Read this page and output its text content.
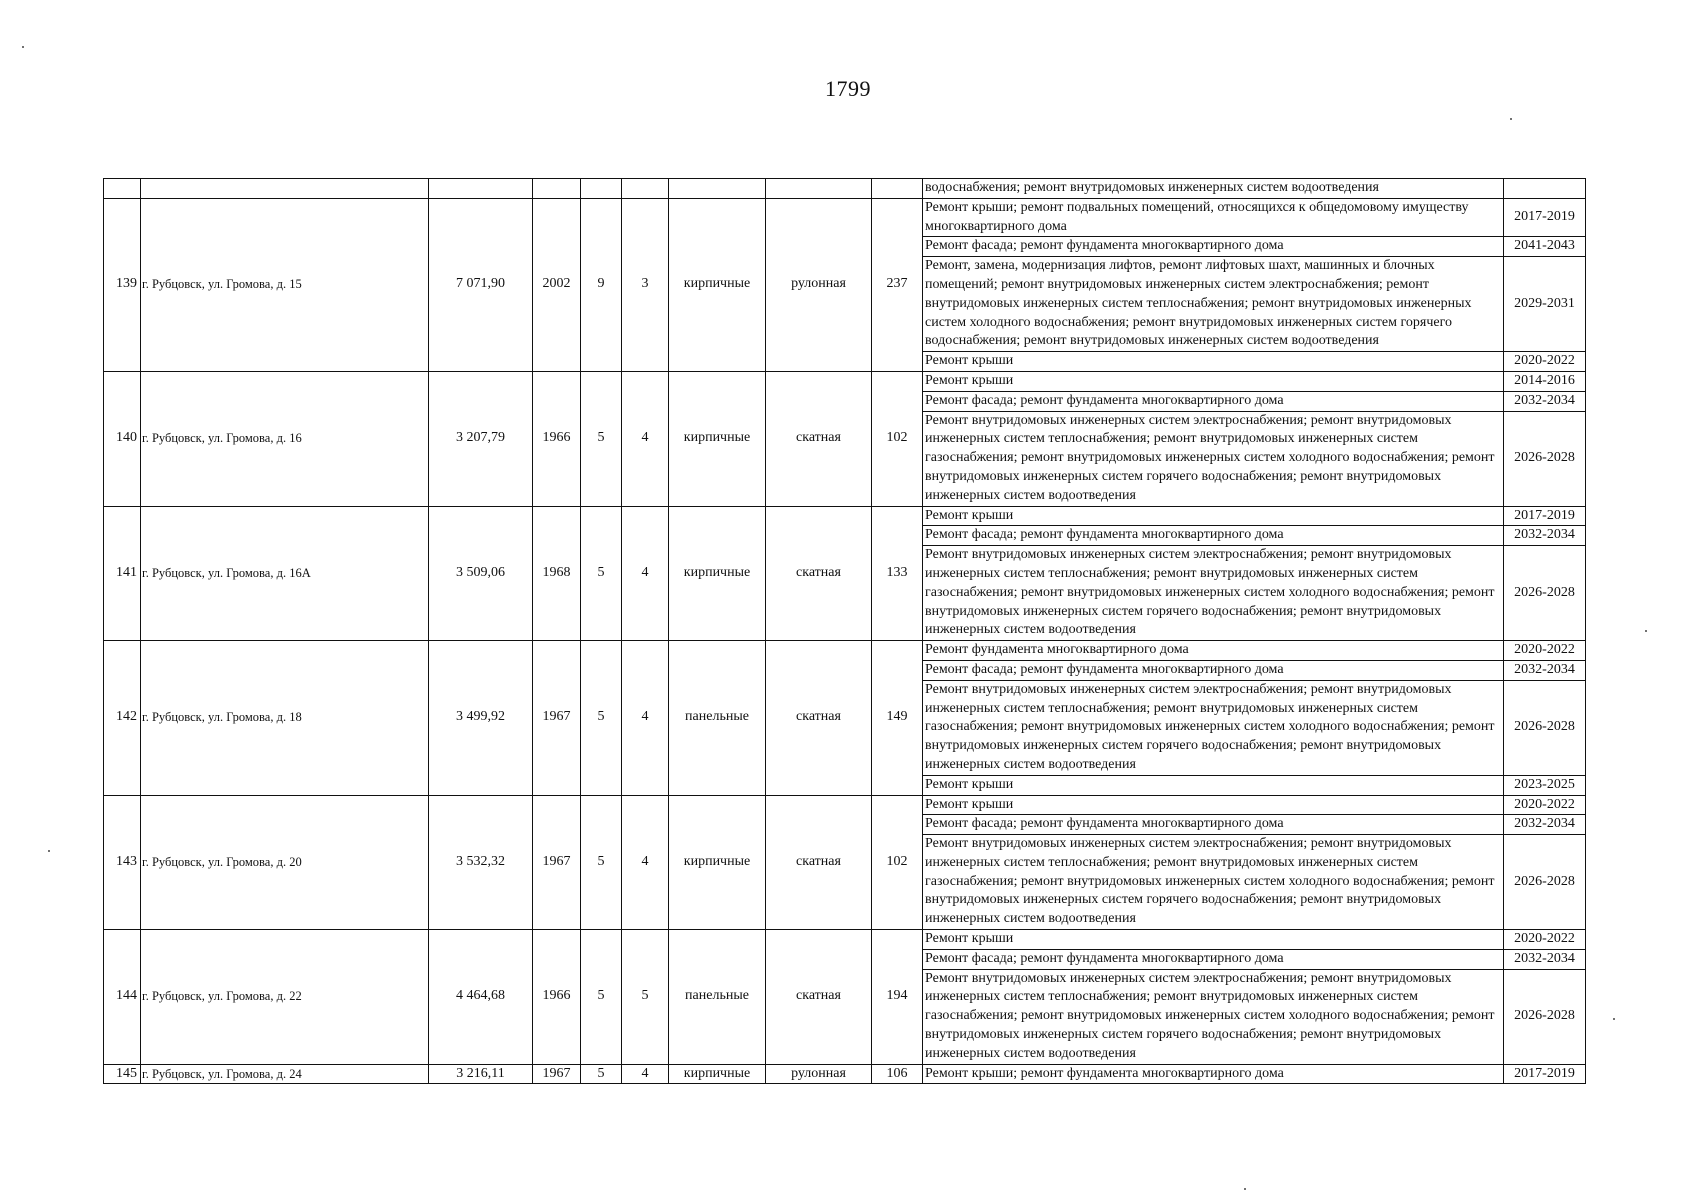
1799
									водоснабжения; ремонт внутридомовых инженерных систем водоотведения	
139	г. Рубцовск, ул. Громова, д. 15	7 071,90	2002	9	3	кирпичные	рулонная	237	Ремонт крыши; ремонт подвальных помещений, относящихся к общедомовому имуществу многоквартирного дома	2017-2019
									Ремонт фасада; ремонт фундамента многоквартирного дома	2041-2043
									Ремонт, замена, модернизация лифтов, ремонт лифтовых шахт, машинных и блочных помещений; ремонт внутридомовых инженерных систем электроснабжения; ремонт внутридомовых инженерных систем теплоснабжения; ремонт внутридомовых инженерных систем холодного водоснабжения; ремонт внутридомовых инженерных систем горячего водоснабжения; ремонт внутридомовых инженерных систем водоотведения	2029-2031
									Ремонт крыши	2020-2022
140	г. Рубцовск, ул. Громова, д. 16	3 207,79	1966	5	4	кирпичные	скатная	102	Ремонт крыши	2014-2016
									Ремонт фасада; ремонт фундамента многоквартирного дома	2032-2034
									Ремонт внутридомовых инженерных систем электроснабжения; ремонт внутридомовых инженерных систем теплоснабжения; ремонт внутридомовых инженерных систем газоснабжения; ремонт внутридомовых инженерных систем холодного водоснабжения; ремонт внутридомовых инженерных систем горячего водоснабжения; ремонт внутридомовых инженерных систем водоотведения	2026-2028
141	г. Рубцовск, ул. Громова, д. 16А	3 509,06	1968	5	4	кирпичные	скатная	133	Ремонт крыши	2017-2019
									Ремонт фасада; ремонт фундамента многоквартирного дома	2032-2034
									Ремонт внутридомовых инженерных систем электроснабжения; ремонт внутридомовых инженерных систем теплоснабжения; ремонт внутридомовых инженерных систем газоснабжения; ремонт внутридомовых инженерных систем холодного водоснабжения; ремонт внутридомовых инженерных систем горячего водоснабжения; ремонт внутридомовых инженерных систем водоотведения	2026-2028
142	г. Рубцовск, ул. Громова, д. 18	3 499,92	1967	5	4	панельные	скатная	149	Ремонт фундамента многоквартирного дома	2020-2022
									Ремонт фасада; ремонт фундамента многоквартирного дома	2032-2034
									Ремонт внутридомовых инженерных систем электроснабжения; ремонт внутридомовых инженерных систем теплоснабжения; ремонт внутридомовых инженерных систем газоснабжения; ремонт внутридомовых инженерных систем холодного водоснабжения; ремонт внутридомовых инженерных систем горячего водоснабжения; ремонт внутридомовых инженерных систем водоотведения	2026-2028
									Ремонт крыши	2023-2025
143	г. Рубцовск, ул. Громова, д. 20	3 532,32	1967	5	4	кирпичные	скатная	102	Ремонт крыши	2020-2022
									Ремонт фасада; ремонт фундамента многоквартирного дома	2032-2034
									Ремонт внутридомовых инженерных систем электроснабжения; ремонт внутридомовых инженерных систем теплоснабжения; ремонт внутридомовых инженерных систем газоснабжения; ремонт внутридомовых инженерных систем холодного водоснабжения; ремонт внутридомовых инженерных систем горячего водоснабжения; ремонт внутридомовых инженерных систем водоотведения	2026-2028
144	г. Рубцовск, ул. Громова, д. 22	4 464,68	1966	5	5	панельные	скатная	194	Ремонт крыши	2020-2022
									Ремонт фасада; ремонт фундамента многоквартирного дома	2032-2034
									Ремонт внутридомовых инженерных систем электроснабжения; ремонт внутридомовых инженерных систем теплоснабжения; ремонт внутридомовых инженерных систем газоснабжения; ремонт внутридомовых инженерных систем холодного водоснабжения; ремонт внутридомовых инженерных систем горячего водоснабжения; ремонт внутридомовых инженерных систем водоотведения	2026-2028
145	г. Рубцовск, ул. Громова, д. 24	3 216,11	1967	5	4	кирпичные	рулонная	106	Ремонт крыши; ремонт фундамента многоквартирного дома	2017-2019
